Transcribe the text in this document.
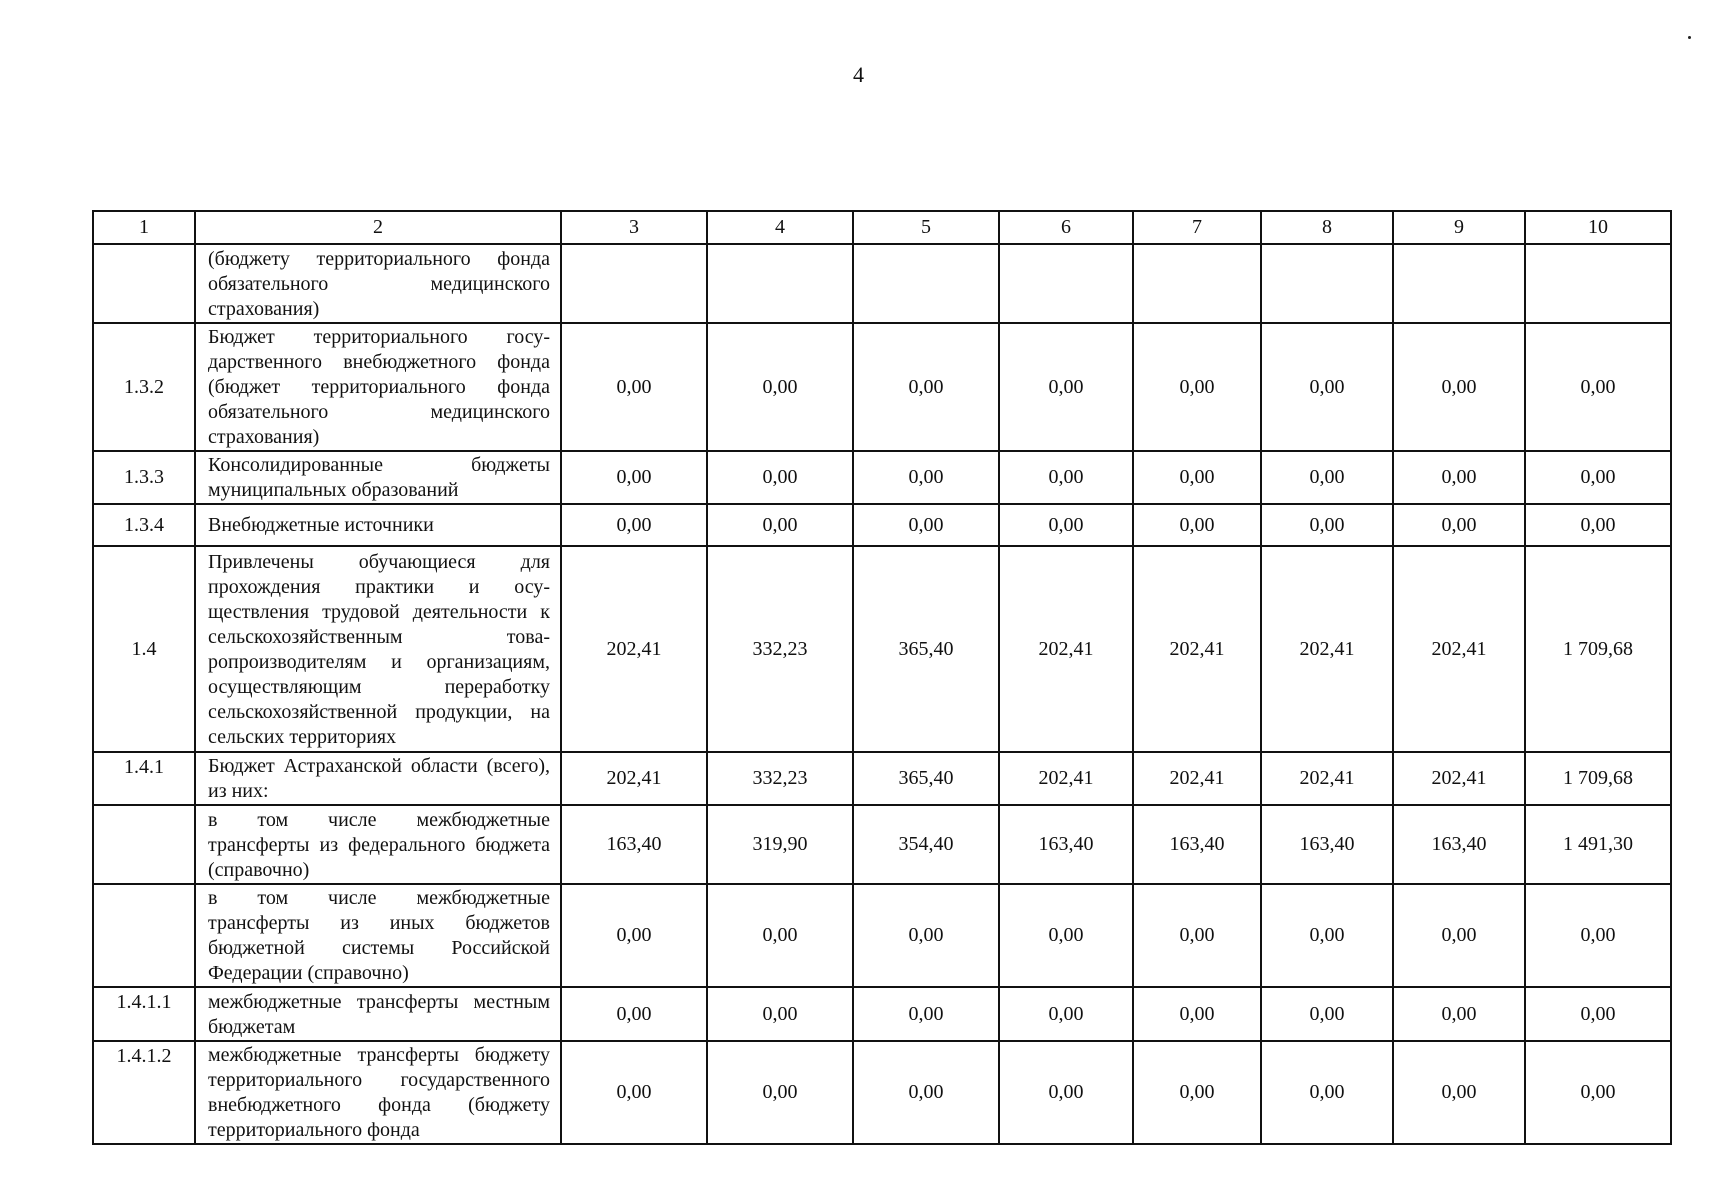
4
1	2	3	4	5	6	7	8	9	10
	(бюджету территориального фонда обязательного медицинского страхования)								
1.3.2	Бюджет территориального государственного внебюджетного фонда (бюджет территориального фонда обязательного медицинского страхования)	0,00	0,00	0,00	0,00	0,00	0,00	0,00	0,00
1.3.3	Консолидированные бюджеты муниципальных образований	0,00	0,00	0,00	0,00	0,00	0,00	0,00	0,00
1.3.4	Внебюджетные источники	0,00	0,00	0,00	0,00	0,00	0,00	0,00	0,00
1.4	Привлечены обучающиеся для прохождения практики и осуществления трудовой деятельности к сельскохозяйственным товаропроизводителям и организациям, осуществляющим переработку сельскохозяйственной продукции, на сельских территориях	202,41	332,23	365,40	202,41	202,41	202,41	202,41	1 709,68
1.4.1	Бюджет Астраханской области (всего), из них:	202,41	332,23	365,40	202,41	202,41	202,41	202,41	1 709,68
	в том числе межбюджетные трансферты из федерального бюджета (справочно)	163,40	319,90	354,40	163,40	163,40	163,40	163,40	1 491,30
	в том числе межбюджетные трансферты из иных бюджетов бюджетной системы Российской Федерации (справочно)	0,00	0,00	0,00	0,00	0,00	0,00	0,00	0,00
1.4.1.1	межбюджетные трансферты местным бюджетам	0,00	0,00	0,00	0,00	0,00	0,00	0,00	0,00
1.4.1.2	межбюджетные трансферты бюджету территориального государственного внебюджетного фонда (бюджету территориального фонда	0,00	0,00	0,00	0,00	0,00	0,00	0,00	0,00
